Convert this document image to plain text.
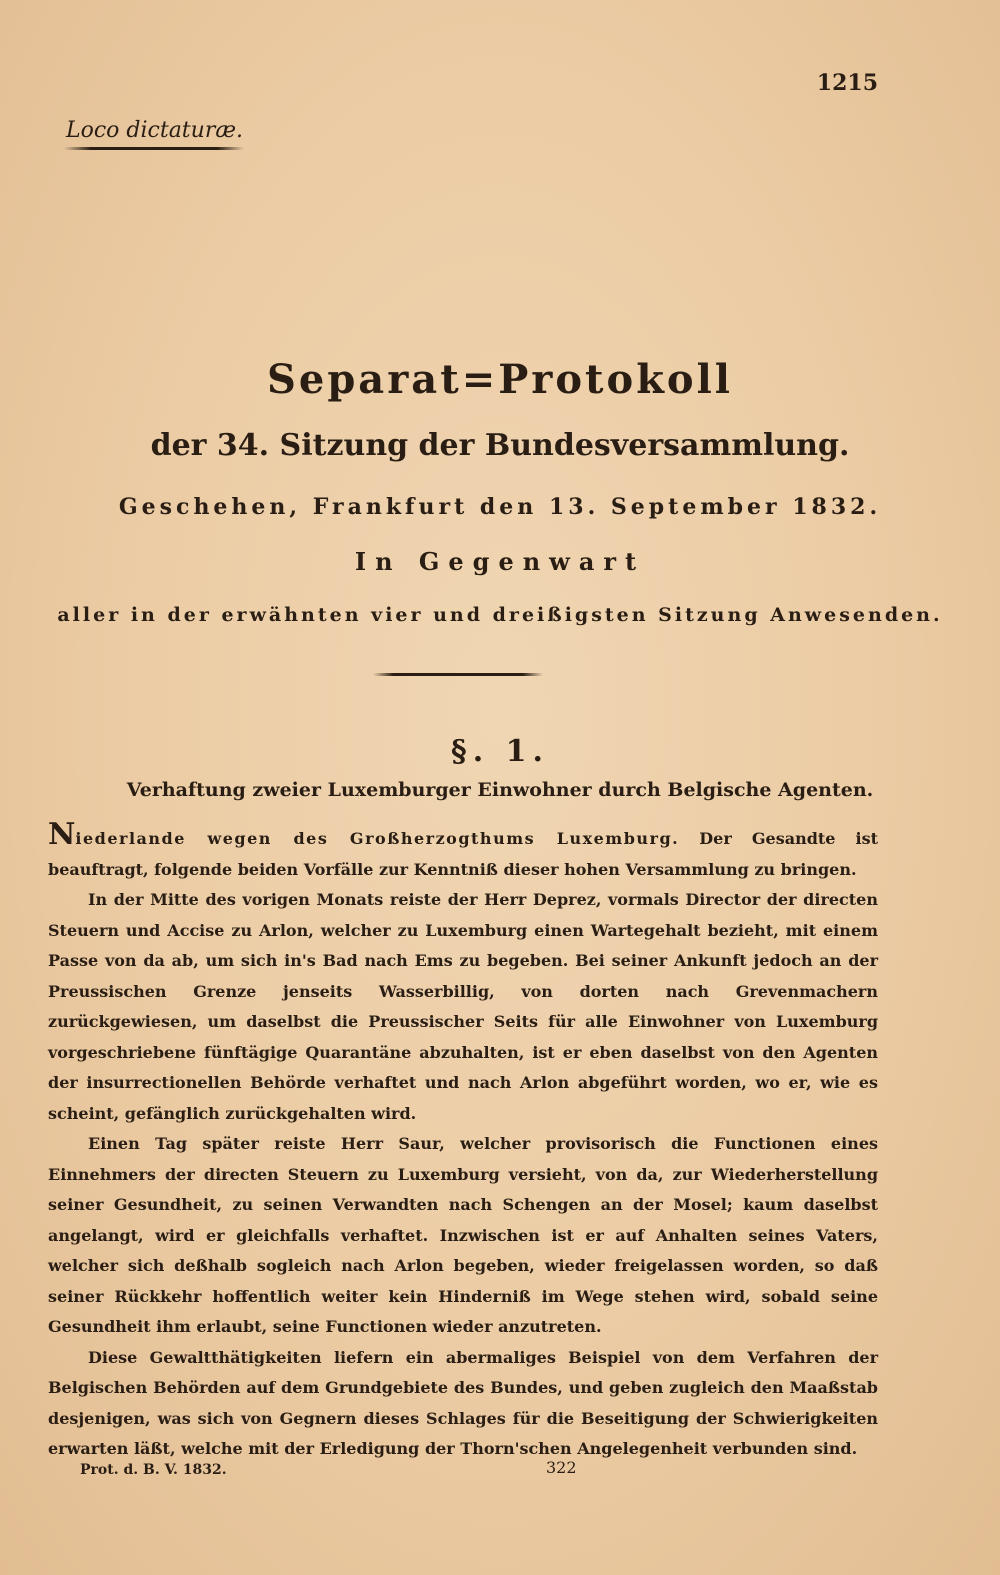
1215
Loco dictaturæ.
Separat=Protokoll
der 34. Sitzung der Bundesversammlung.
Geschehen, Frankfurt den 13. September 1832.
In Gegenwart
aller in der erwähnten vier und dreißigsten Sitzung Anwesenden.
§. 1.
Verhaftung zweier Luxemburger Einwohner durch Belgische Agenten.

Niederlande wegen des Großherzogthums Luxemburg. Der Gesandte ist beauftragt, folgende beiden Vorfälle zur Kenntniß dieser hohen Versammlung zu bringen.

In der Mitte des vorigen Monats reiste der Herr Deprez, vormals Director der directen Steuern und Accise zu Arlon, welcher zu Luxemburg einen Wartegehalt bezieht, mit einem Passe von da ab, um sich in's Bad nach Ems zu begeben. Bei seiner Ankunft jedoch an der Preussischen Grenze jenseits Wasserbillig, von dorten nach Grevenmachern zurückgewiesen, um daselbst die Preussischer Seits für alle Einwohner von Luxemburg vorgeschriebene fünftägige Quarantäne abzuhalten, ist er eben daselbst von den Agenten der insurrectionellen Behörde verhaftet und nach Arlon abgeführt worden, wo er, wie es scheint, gefänglich zurückgehalten wird.

Einen Tag später reiste Herr Saur, welcher provisorisch die Functionen eines Einnehmers der directen Steuern zu Luxemburg versieht, von da, zur Wiederherstellung seiner Gesundheit, zu seinen Verwandten nach Schengen an der Mosel; kaum daselbst angelangt, wird er gleichfalls verhaftet. Inzwischen ist er auf Anhalten seines Vaters, welcher sich deßhalb sogleich nach Arlon begeben, wieder freigelassen worden, so daß seiner Rückkehr hoffentlich weiter kein Hinderniß im Wege stehen wird, sobald seine Gesundheit ihm erlaubt, seine Functionen wieder anzutreten.

Diese Gewaltthätigkeiten liefern ein abermaliges Beispiel von dem Verfahren der Belgischen Behörden auf dem Grundgebiete des Bundes, und geben zugleich den Maaßstab desjenigen, was sich von Gegnern dieses Schlages für die Beseitigung der Schwierigkeiten erwarten läßt, welche mit der Erledigung der Thorn'schen Angelegenheit verbunden sind.

Prot. d. B. V. 1832.	322
